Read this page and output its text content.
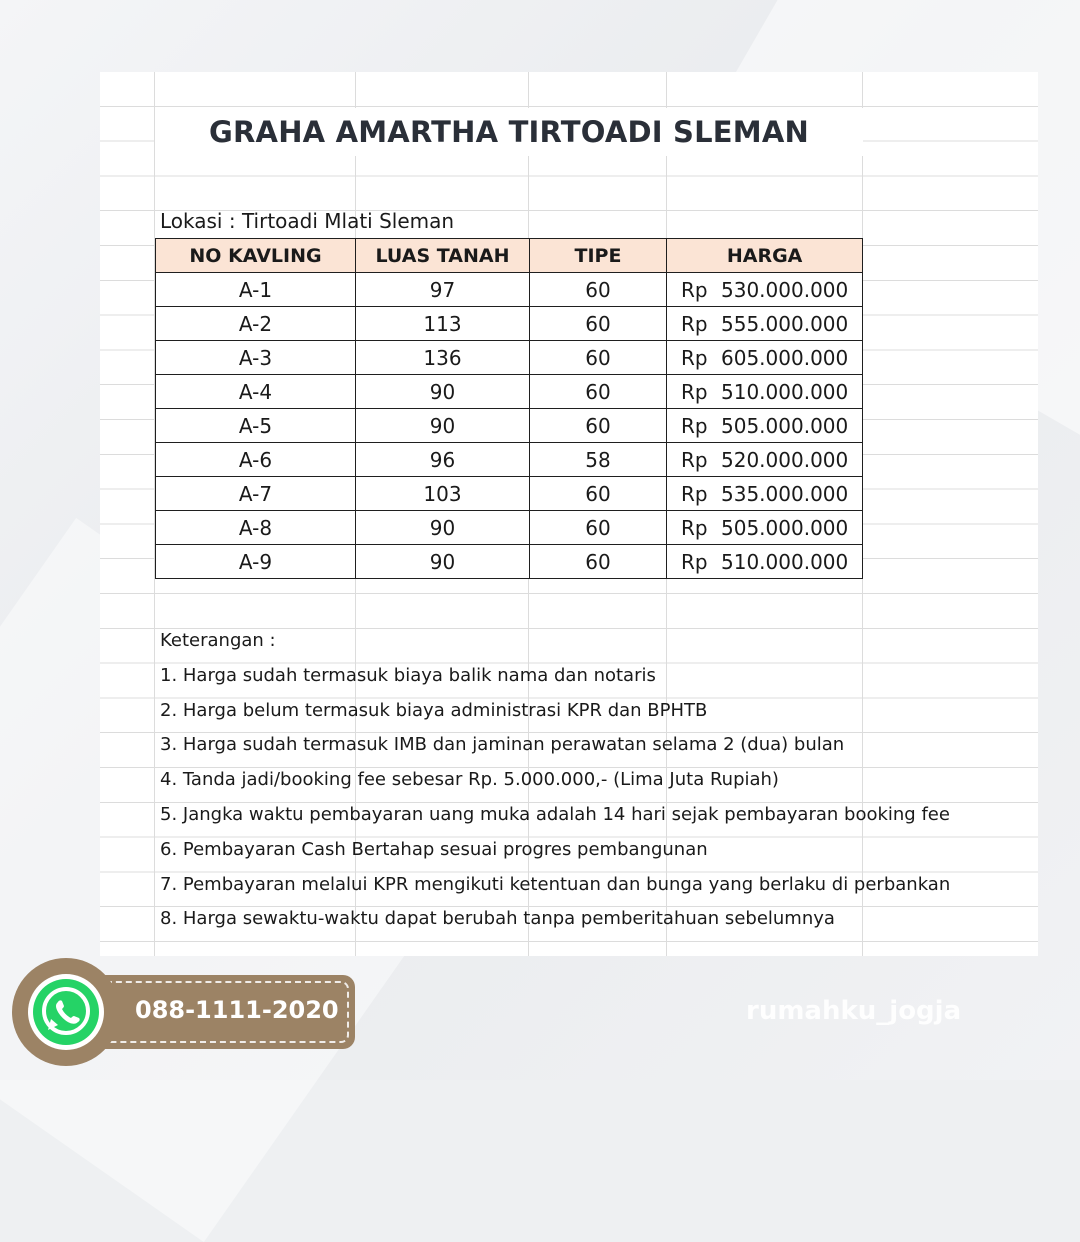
GRAHA AMARTHA TIRTOADI SLEMAN
Lokasi : Tirtoadi Mlati Sleman
NO KAVLING	LUAS TANAH	TIPE	HARGA
A-1	97	60	Rp 530.000.000

A-2	113	60	Rp 555.000.000

A-3	136	60	Rp 605.000.000

A-4	90	60	Rp 510.000.000

A-5	90	60	Rp 505.000.000

A-6	96	58	Rp 520.000.000

A-7	103	60	Rp 535.000.000

A-8	90	60	Rp 505.000.000

A-9	90	60	Rp 510.000.000
Keterangan :
1. Harga sudah termasuk biaya balik nama dan notaris
2. Harga belum termasuk biaya administrasi KPR dan BPHTB
3. Harga sudah termasuk IMB dan jaminan perawatan selama 2 (dua) bulan
4. Tanda jadi/booking fee sebesar Rp. 5.000.000,- (Lima Juta Rupiah)
5. Jangka waktu pembayaran uang muka adalah 14 hari sejak pembayaran booking fee
6. Pembayaran Cash Bertahap sesuai progres pembangunan
7. Pembayaran melalui KPR mengikuti ketentuan dan bunga yang berlaku di perbankan
8. Harga sewaktu-waktu dapat berubah tanpa pemberitahuan sebelumnya
088-1111-2020	rumahku_jogja
